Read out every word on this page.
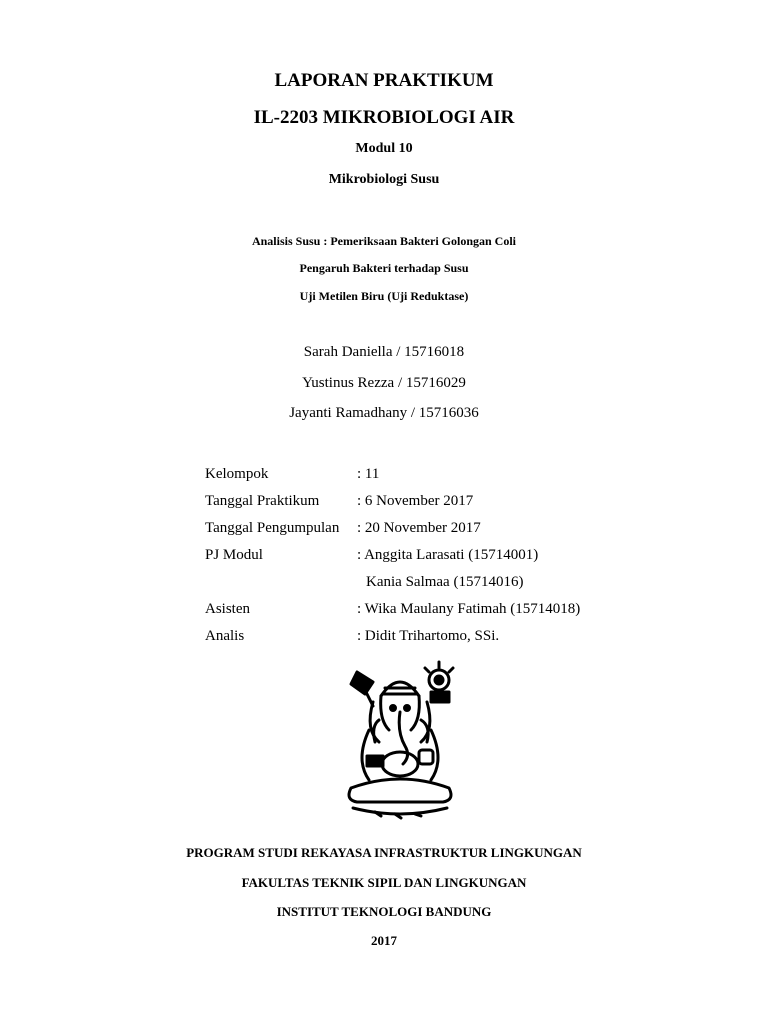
LAPORAN PRAKTIKUM
IL-2203 MIKROBIOLOGI AIR
Modul 10
Mikrobiologi Susu
Analisis Susu : Pemeriksaan Bakteri Golongan Coli
Pengaruh Bakteri terhadap Susu
Uji Metilen Biru (Uji Reduktase)
Sarah Daniella / 15716018
Yustinus Rezza / 15716029
Jayanti Ramadhany / 15716036
Kelompok	: 11
Tanggal Praktikum	: 6 November 2017
Tanggal Pengumpulan : 20 November 2017
PJ Modul	: Anggita Larasati (15714001)
Kania Salmaa (15714016)
Asisten	: Wika Maulany Fatimah (15714018)
Analis	: Didit Trihartomo, SSi.
PROGRAM STUDI REKAYASA INFRASTRUKTUR LINGKUNGAN
FAKULTAS TEKNIK SIPIL DAN LINGKUNGAN
INSTITUT TEKNOLOGI BANDUNG
2017
